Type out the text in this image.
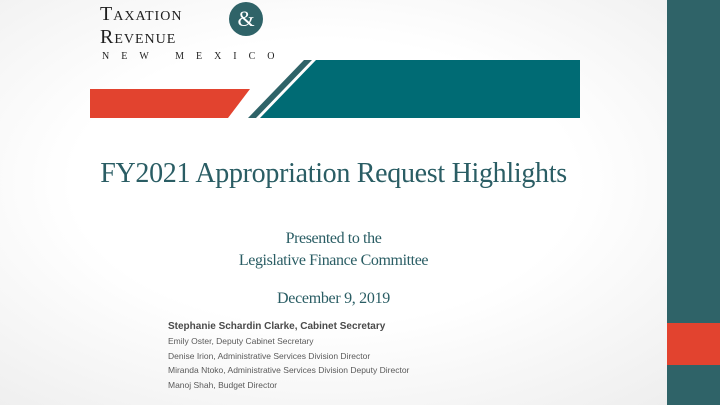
Taxation	&
Revenue
NEW MEXICO
FY2021 Appropriation Request Highlights
Presented to the
Legislative Finance Committee
December 9, 2019
Stephanie Schardin Clarke, Cabinet Secretary
Emily Oster, Deputy Cabinet Secretary
Denise Irion, Administrative Services Division Director
Miranda Ntoko, Administrative Services Division Deputy Director
Manoj Shah, Budget Director
